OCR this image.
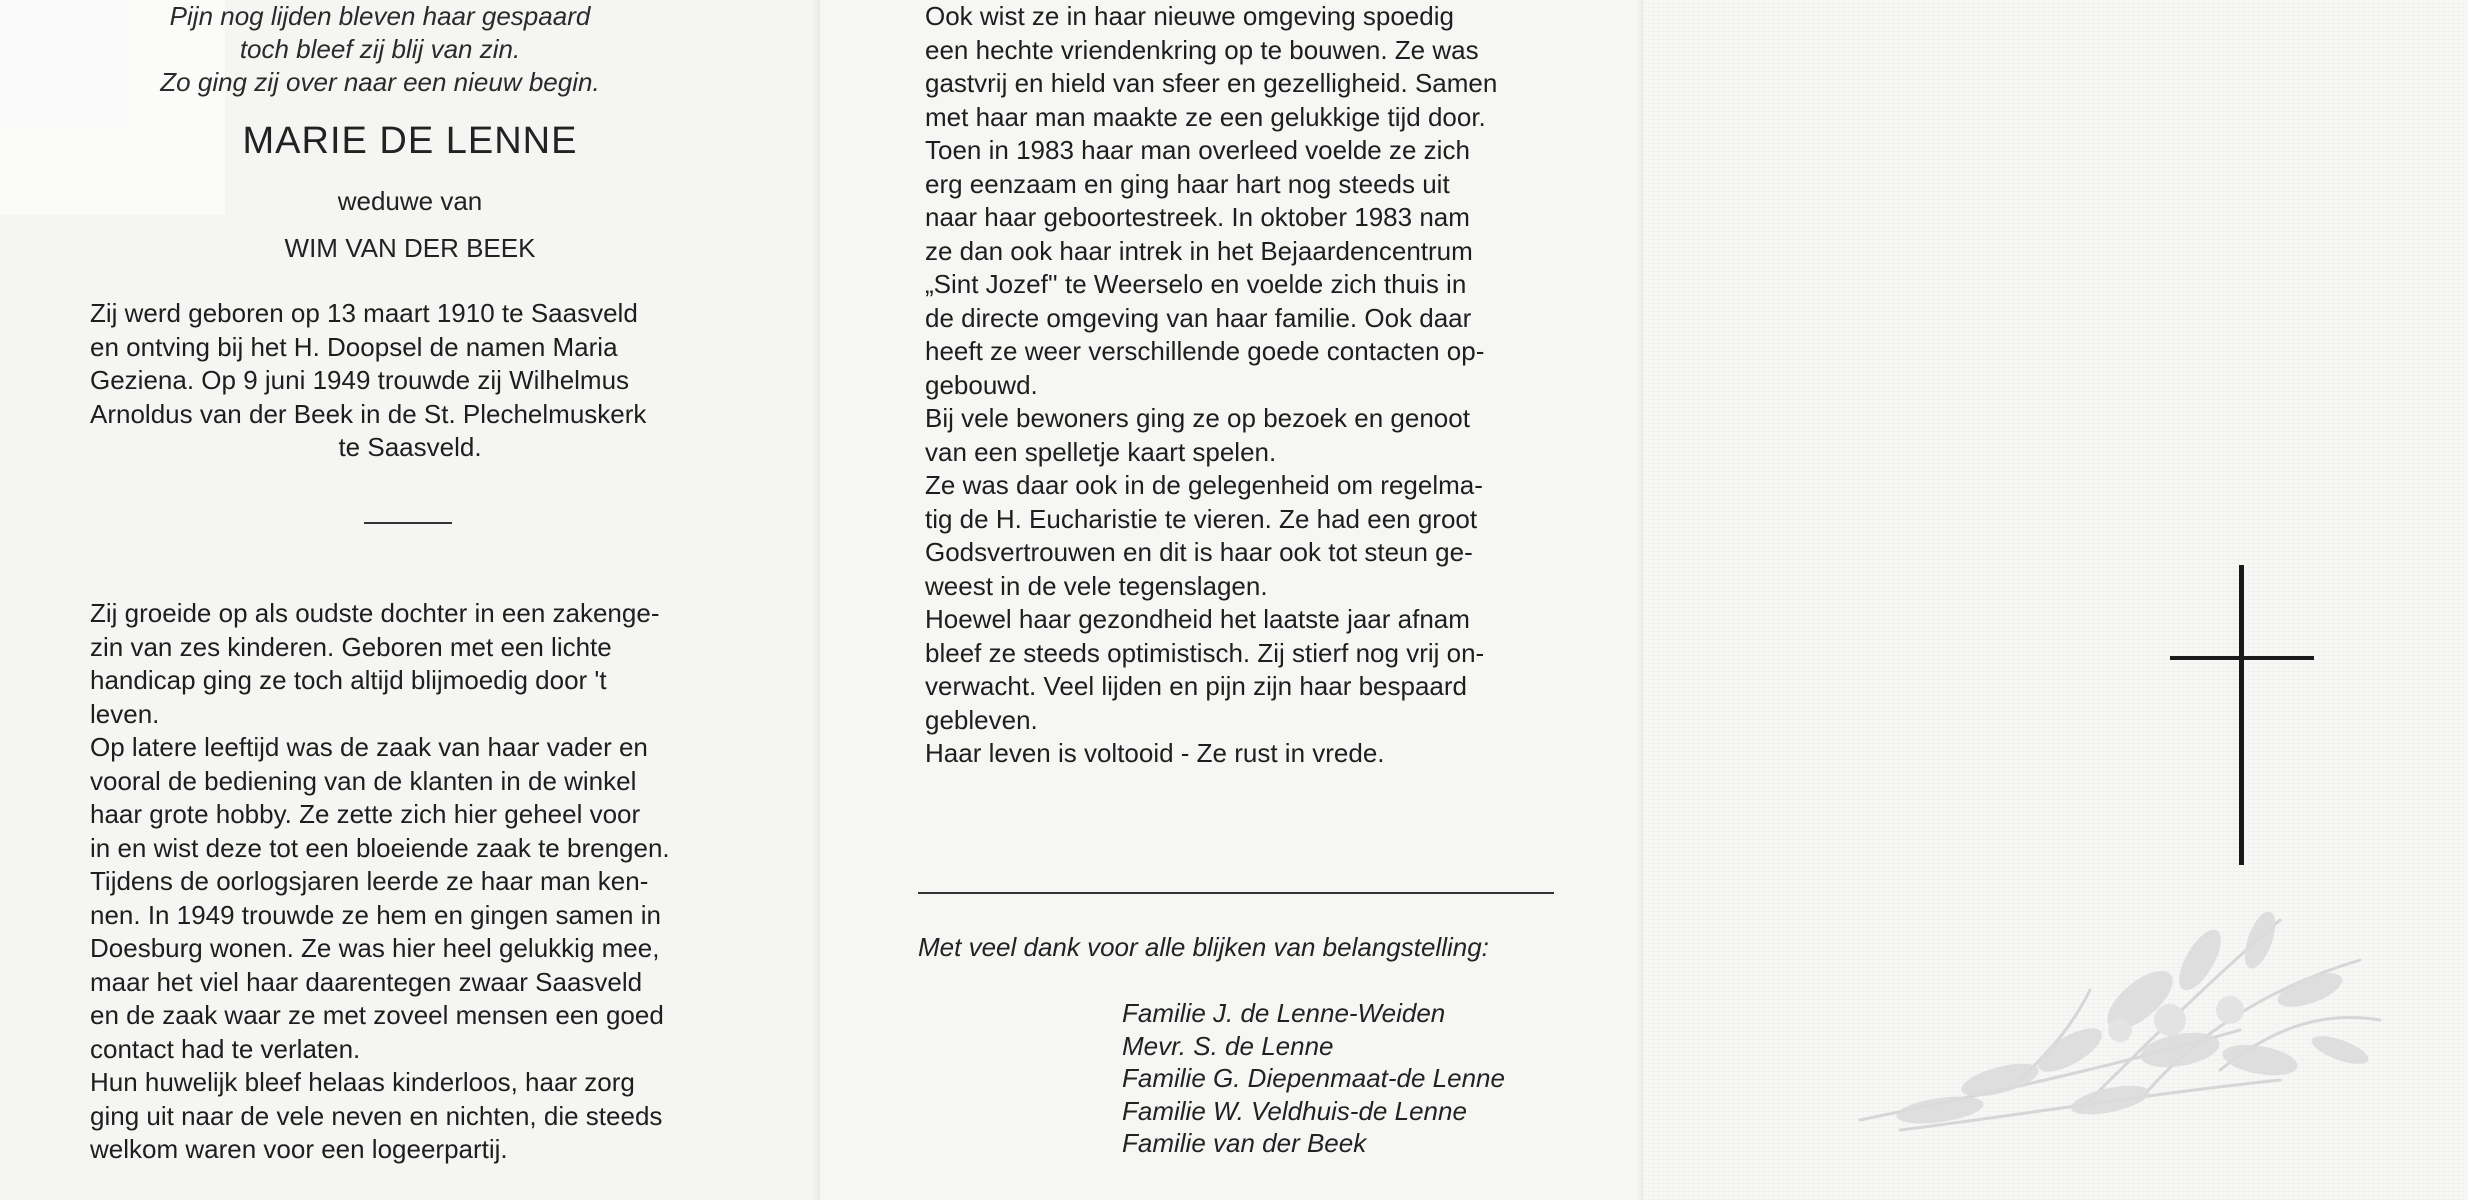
Pijn nog lijden bleven haar gespaard
toch bleef zij blij van zin.
Zo ging zij over naar een nieuw begin.
MARIE DE LENNE
weduwe van
WIM VAN DER BEEK

Zij werd geboren op 13 maart 1910 te Saasveld

en ontving bij het H. Doopsel de namen Maria

Geziena. Op 9 juni 1949 trouwde zij Wilhelmus

Arnoldus van der Beek in de St. Plechelmuskerk

te Saasveld.

Zij groeide op als oudste dochter in een zakenge-

zin van zes kinderen. Geboren met een lichte

handicap ging ze toch altijd blijmoedig door 't

leven.

Op latere leeftijd was de zaak van haar vader en

vooral de bediening van de klanten in de winkel

haar grote hobby. Ze zette zich hier geheel voor

in en wist deze tot een bloeiende zaak te brengen.

Tijdens de oorlogsjaren leerde ze haar man ken-

nen. In 1949 trouwde ze hem en gingen samen in

Doesburg wonen. Ze was hier heel gelukkig mee,

maar het viel haar daarentegen zwaar Saasveld

en de zaak waar ze met zoveel mensen een goed

contact had te verlaten.

Hun huwelijk bleef helaas kinderloos, haar zorg

ging uit naar de vele neven en nichten, die steeds

welkom waren voor een logeerpartij.

Ook wist ze in haar nieuwe omgeving spoedig

een hechte vriendenkring op te bouwen. Ze was

gastvrij en hield van sfeer en gezelligheid. Samen

met haar man maakte ze een gelukkige tijd door.

Toen in 1983 haar man overleed voelde ze zich

erg eenzaam en ging haar hart nog steeds uit

naar haar geboortestreek. In oktober 1983 nam

ze dan ook haar intrek in het Bejaardencentrum

„Sint Jozef'' te Weerselo en voelde zich thuis in

de directe omgeving van haar familie. Ook daar

heeft ze weer verschillende goede contacten op-

gebouwd.

Bij vele bewoners ging ze op bezoek en genoot

van een spelletje kaart spelen.

Ze was daar ook in de gelegenheid om regelma-

tig de H. Eucharistie te vieren. Ze had een groot

Godsvertrouwen en dit is haar ook tot steun ge-

weest in de vele tegenslagen.

Hoewel haar gezondheid het laatste jaar afnam

bleef ze steeds optimistisch. Zij stierf nog vrij on-

verwacht. Veel lijden en pijn zijn haar bespaard

gebleven.

Haar leven is voltooid - Ze rust in vrede.

Met veel dank voor alle blijken van belangstelling:
Familie J. de Lenne-Weiden
Mevr. S. de Lenne
Familie G. Diepenmaat-de Lenne
Familie W. Veldhuis-de Lenne
Familie van der Beek
